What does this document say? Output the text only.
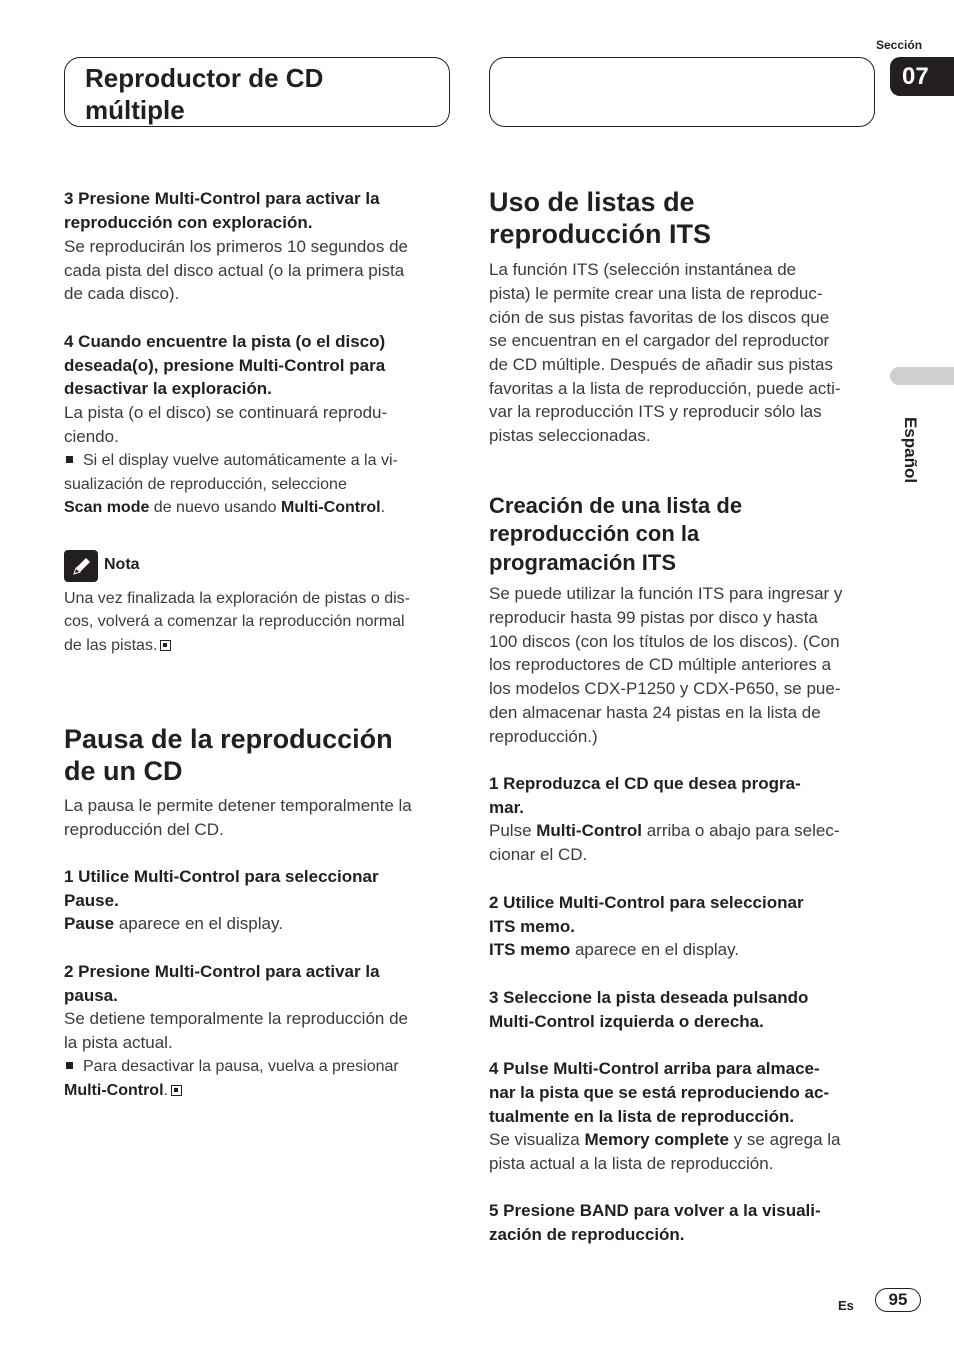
Reproductor de CD
múltiple
Sección
07
Español
3 Presione Multi-Control para activar la
reproducción con exploración.
Se reproducirán los primeros 10 segundos de
cada pista del disco actual (o la primera pista
de cada disco).
4 Cuando encuentre la pista (o el disco)
deseada(o), presione Multi-Control para
desactivar la exploración.
La pista (o el disco) se continuará reprodu-
ciendo.
Si el display vuelve automáticamente a la vi-
sualización de reproducción, seleccione
Scan mode de nuevo usando Multi-Control.
Una vez finalizada la exploración de pistas o dis-
cos, volverá a comenzar la reproducción normal
de las pistas.
Pausa de la reproducción
de un CD
La pausa le permite detener temporalmente la
reproducción del CD.
1 Utilice Multi-Control para seleccionar
Pause.
Pause aparece en el display.
2 Presione Multi-Control para activar la
pausa.
Se detiene temporalmente la reproducción de
la pista actual.
Para desactivar la pausa, vuelva a presionar
Multi-Control.
Nota
Uso de listas de
reproducción ITS
La función ITS (selección instantánea de
pista) le permite crear una lista de reproduc-
ción de sus pistas favoritas de los discos que
se encuentran en el cargador del reproductor
de CD múltiple. Después de añadir sus pistas
favoritas a la lista de reproducción, puede acti-
var la reproducción ITS y reproducir sólo las
pistas seleccionadas.
Creación de una lista de
reproducción con la
programación ITS
Se puede utilizar la función ITS para ingresar y
reproducir hasta 99 pistas por disco y hasta
100 discos (con los títulos de los discos). (Con
los reproductores de CD múltiple anteriores a
los modelos CDX-P1250 y CDX-P650, se pue-
den almacenar hasta 24 pistas en la lista de
reproducción.)
1 Reproduzca el CD que desea progra-
mar.
Pulse Multi-Control arriba o abajo para selec-
cionar el CD.
2 Utilice Multi-Control para seleccionar
ITS memo.
ITS memo aparece en el display.
3 Seleccione la pista deseada pulsando
Multi-Control izquierda o derecha.
4 Pulse Multi-Control arriba para almace-
nar la pista que se está reproduciendo ac-
tualmente en la lista de reproducción.
Se visualiza Memory complete y se agrega la
pista actual a la lista de reproducción.
5 Presione BAND para volver a la visuali-
zación de reproducción.
Es	95
